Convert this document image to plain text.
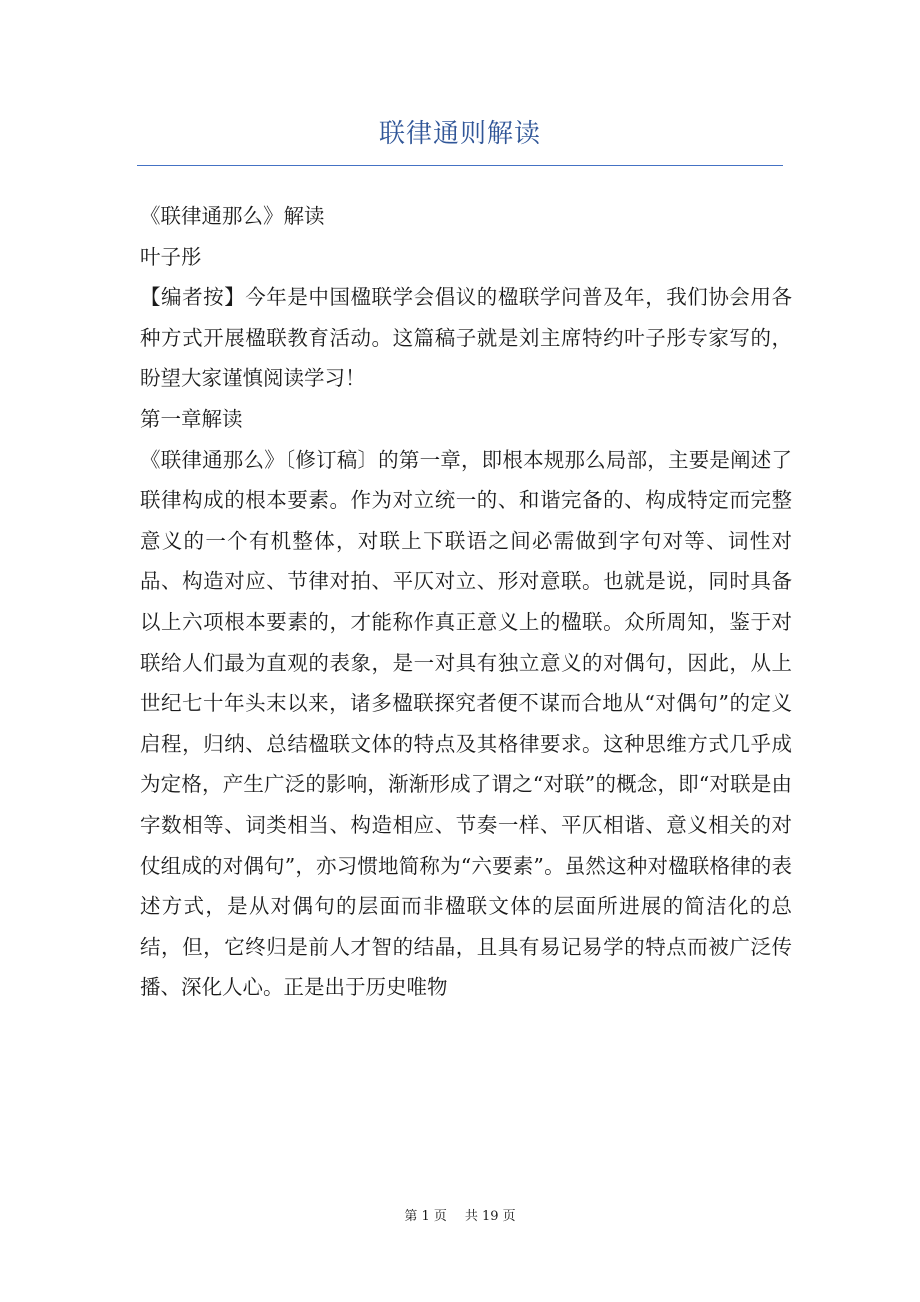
联律通则解读

《联律通那么》解读

叶子彤

【编者按】今年是中国楹联学会倡议的楹联学问普及年，我们协会用各种方式开展楹联教育活动。这篇稿子就是刘主席特约叶子彤专家写的，盼望大家谨慎阅读学习！

第一章解读

《联律通那么》〔修订稿〕的第一章，即根本规那么局部，主要是阐述了联律构成的根本要素。作为对立统一的、和谐完备的、构成特定而完整意义的一个有机整体，对联上下联语之间必需做到字句对等、词性对品、构造对应、节律对拍、平仄对立、形对意联。也就是说，同时具备以上六项根本要素的，才能称作真正意义上的楹联。众所周知，鉴于对联给人们最为直观的表象，是一对具有独立意义的对偶句，因此，从上世纪七十年头末以来，诸多楹联探究者便不谋而合地从“对偶句”的定义启程，归纳、总结楹联文体的特点及其格律要求。这种思维方式几乎成为定格，产生广泛的影响，渐渐形成了谓之“对联”的概念，即“对联是由字数相等、词类相当、构造相应、节奏一样、平仄相谐、意义相关的对仗组成的对偶句”，亦习惯地简称为“六要素”。虽然这种对楹联格律的表述方式，是从对偶句的层面而非楹联文体的层面所进展的简洁化的总结，但，它终归是前人才智的结晶，且具有易记易学的特点而被广泛传播、深化人心。正是出于历史唯物

第 1 页 共 19 页
